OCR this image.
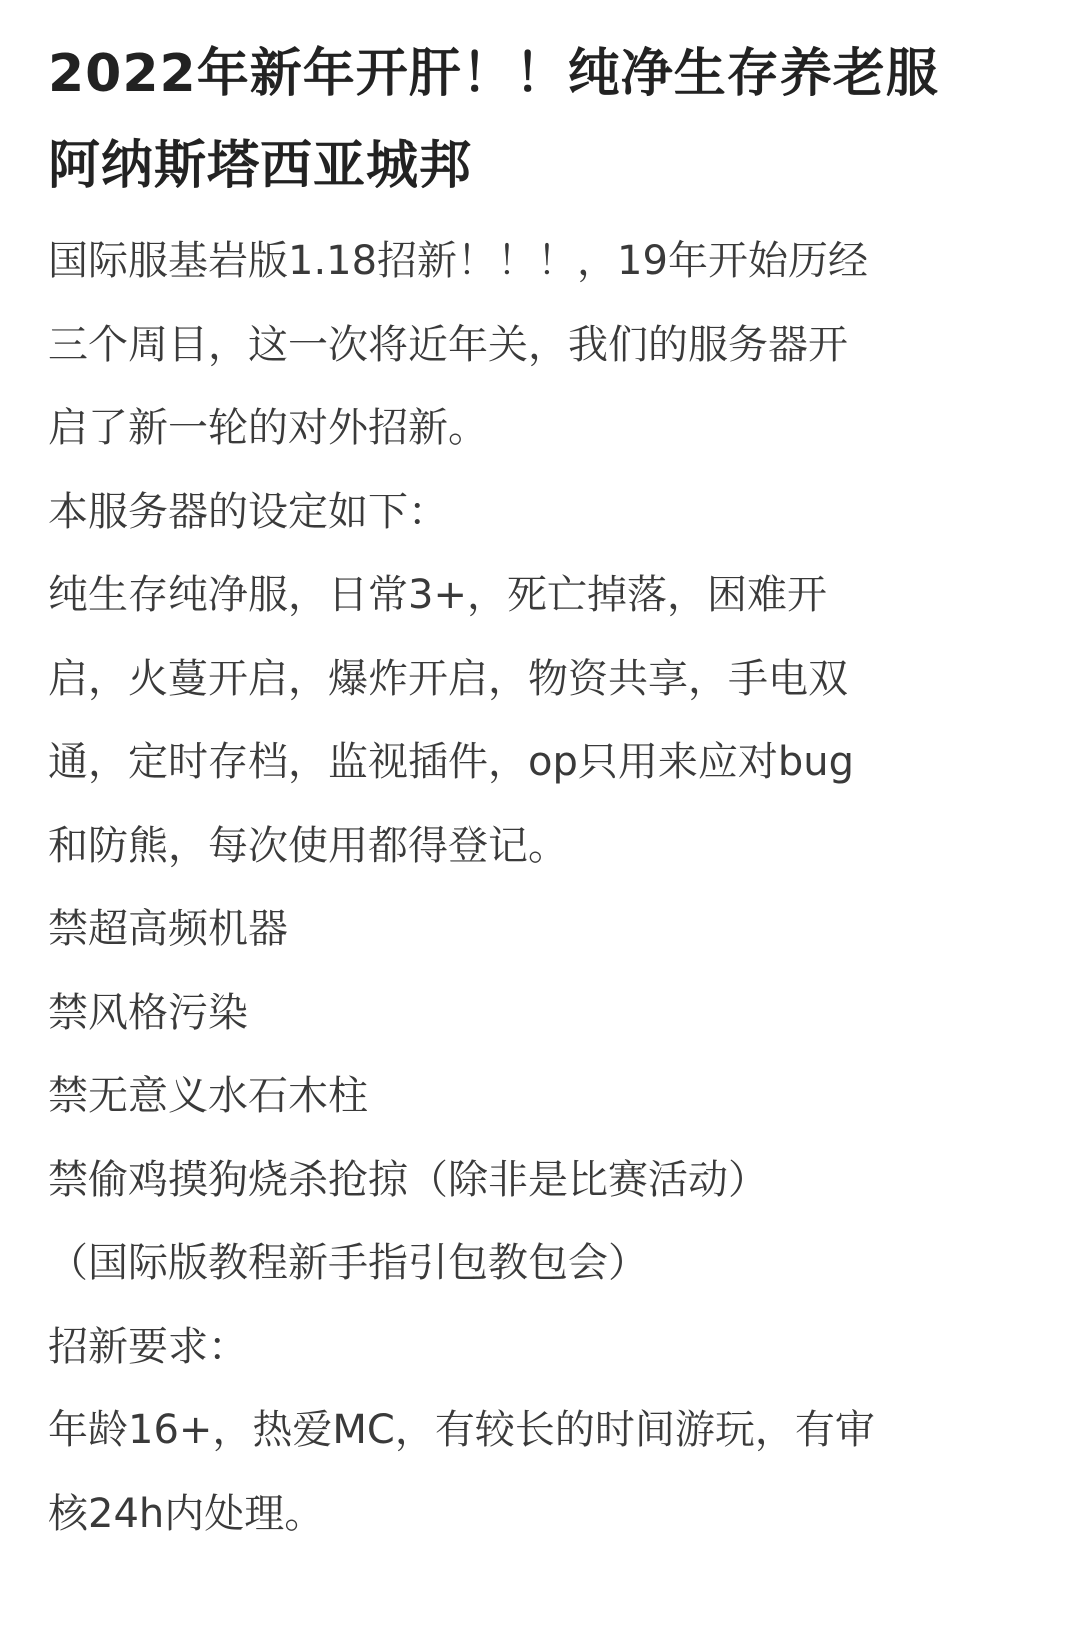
2022年新年开肝！！纯净生存养老服

阿纳斯塔西亚城邦

国际服基岩版1.18招新！！！，19年开始历经

三个周目，这一次将近年关，我们的服务器开

启了新一轮的对外招新。

本服务器的设定如下：

纯生存纯净服，日常3+，死亡掉落，困难开

启，火蔓开启，爆炸开启，物资共享，手电双

通，定时存档，监视插件，op只用来应对bug

和防熊，每次使用都得登记。

禁超高频机器

禁风格污染

禁无意义水石木柱

禁偷鸡摸狗烧杀抢掠（除非是比赛活动）

（国际版教程新手指引包教包会）

招新要求：

年龄16+，热爱MC，有较长的时间游玩，有审

核24h内处理。
